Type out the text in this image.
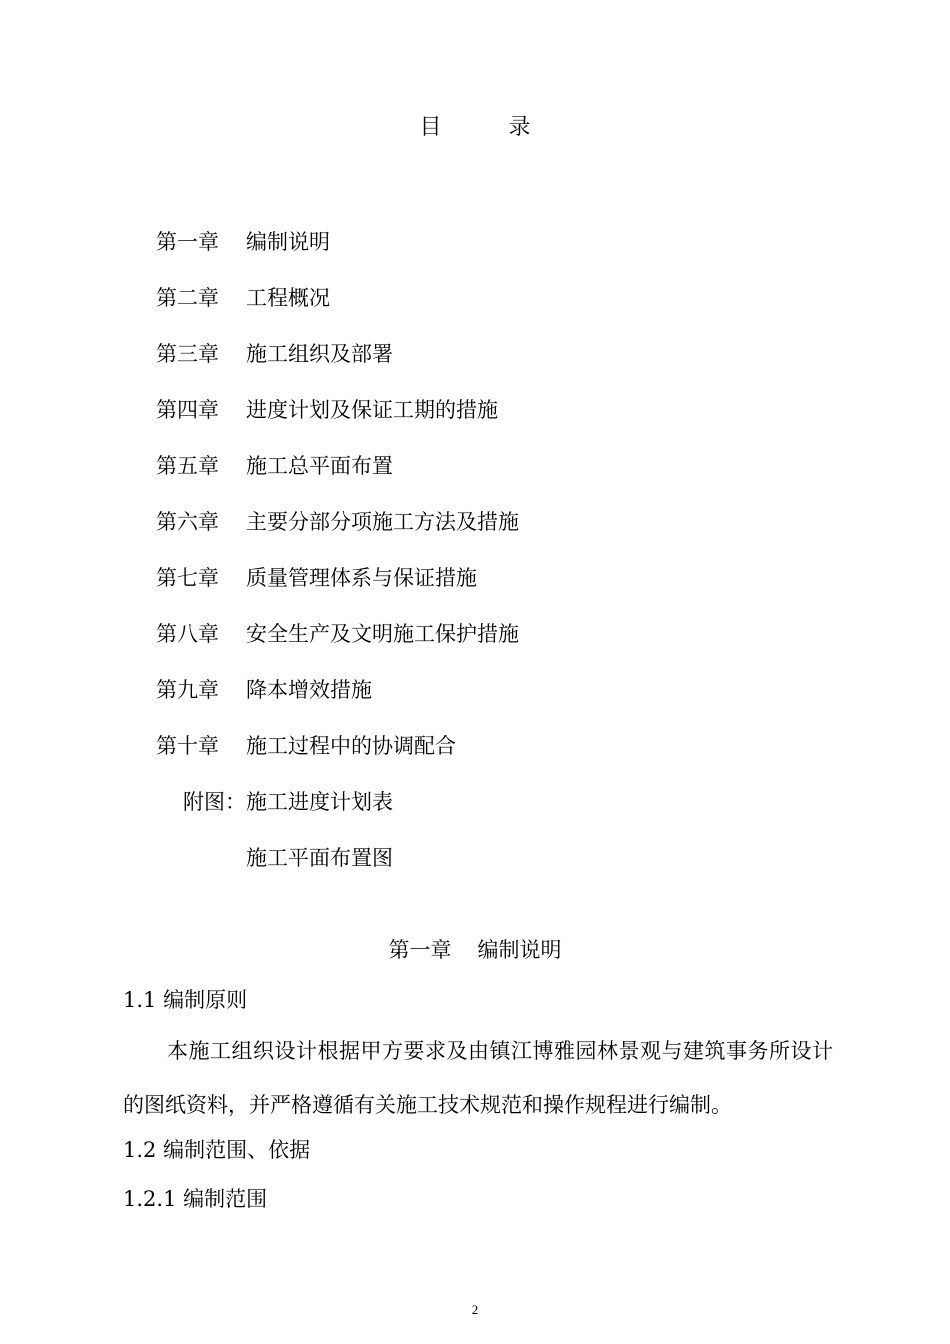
目 录
第一章 编制说明
第二章 工程概况
第三章 施工组织及部署
第四章 进度计划及保证工期的措施
第五章 施工总平面布置
第六章 主要分部分项施工方法及措施
第七章 质量管理体系与保证措施
第八章 安全生产及文明施工保护措施
第九章 降本增效措施
第十章 施工过程中的协调配合
附图：施工进度计划表
施工平面布置图
第一章 编制说明
1.1 编制原则
本施工组织设计根据甲方要求及由镇江博雅园林景观与建筑事务所设计的图纸资料，并严格遵循有关施工技术规范和操作规程进行编制。
1.2 编制范围、依据
1.2.1 编制范围
2
